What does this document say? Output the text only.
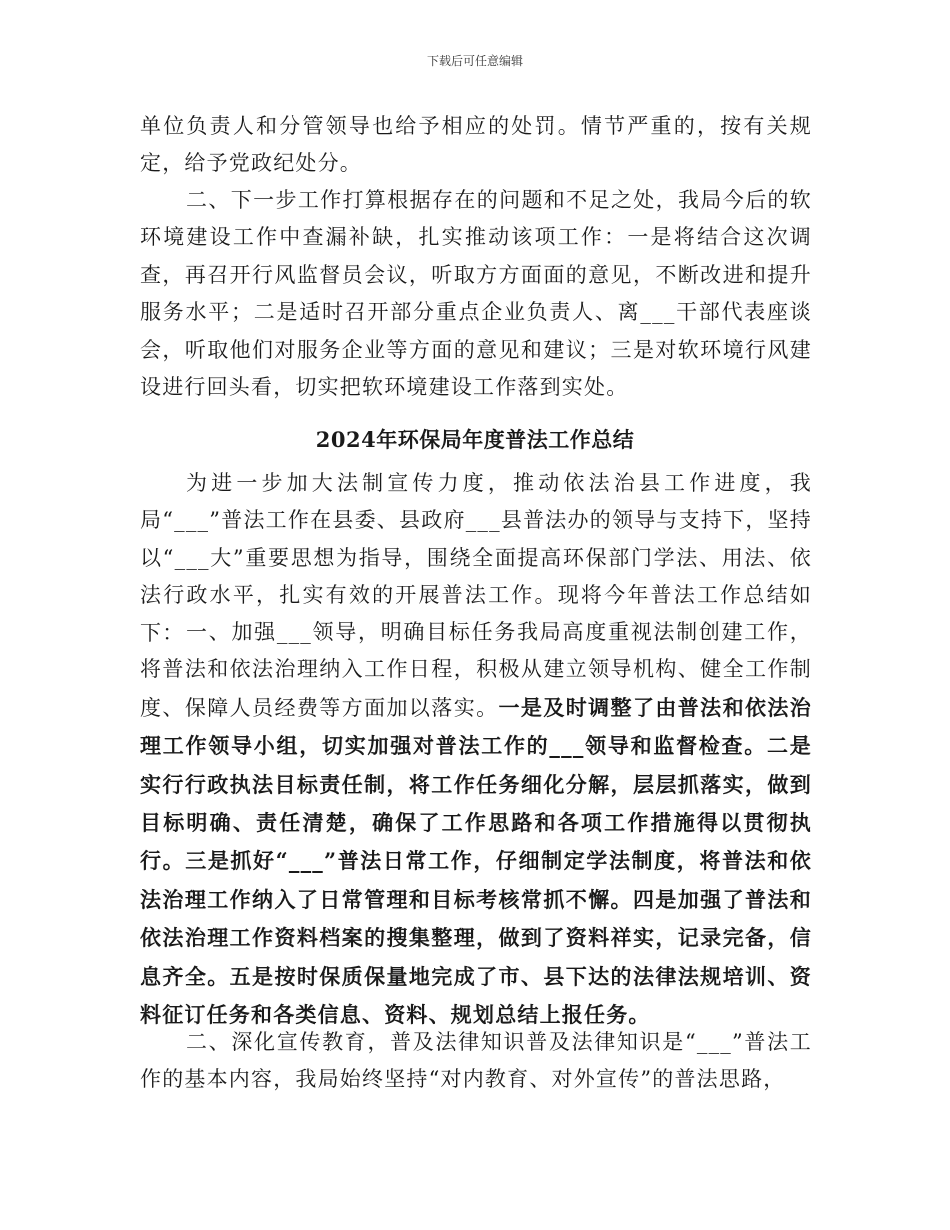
下载后可任意编辑
单位负责人和分管领导也给予相应的处罚。情节严重的，按有关规定，给予党政纪处分。
二、下一步工作打算根据存在的问题和不足之处，我局今后的软环境建设工作中查漏补缺，扎实推动该项工作：一是将结合这次调查，再召开行风监督员会议，听取方方面面的意见，不断改进和提升服务水平；二是适时召开部分重点企业负责人、离___干部代表座谈会，听取他们对服务企业等方面的意见和建议；三是对软环境行风建设进行回头看，切实把软环境建设工作落到实处。
2024年环保局年度普法工作总结
为进一步加大法制宣传力度，推动依法治县工作进度，我局“___”普法工作在县委、县政府___县普法办的领导与支持下，坚持以“___大”重要思想为指导，围绕全面提高环保部门学法、用法、依法行政水平，扎实有效的开展普法工作。现将今年普法工作总结如下： 一、加强___领导，明确目标任务我局高度重视法制创建工作，将普法和依法治理纳入工作日程，积极从建立领导机构、健全工作制度、保障人员经费等方面加以落实。一是及时调整了由普法和依法治理工作领导小组，切实加强对普法工作的___领导和监督检查。二是实行行政执法目标责任制，将工作任务细化分解，层层抓落实，做到目标明确、责任清楚，确保了工作思路和各项工作措施得以贯彻执行。三是抓好“___”普法日常工作，仔细制定学法制度，将普法和依法治理工作纳入了日常管理和目标考核常抓不懈。四是加强了普法和依法治理工作资料档案的搜集整理，做到了资料祥实，记录完备，信息齐全。五是按时保质保量地完成了市、县下达的法律法规培训、资料征订任务和各类信息、资料、规划总结上报任务。
二、深化宣传教育，普及法律知识普及法律知识是“___”普法工作的基本内容，我局始终坚持“对内教育、对外宣传”的普法思路，
